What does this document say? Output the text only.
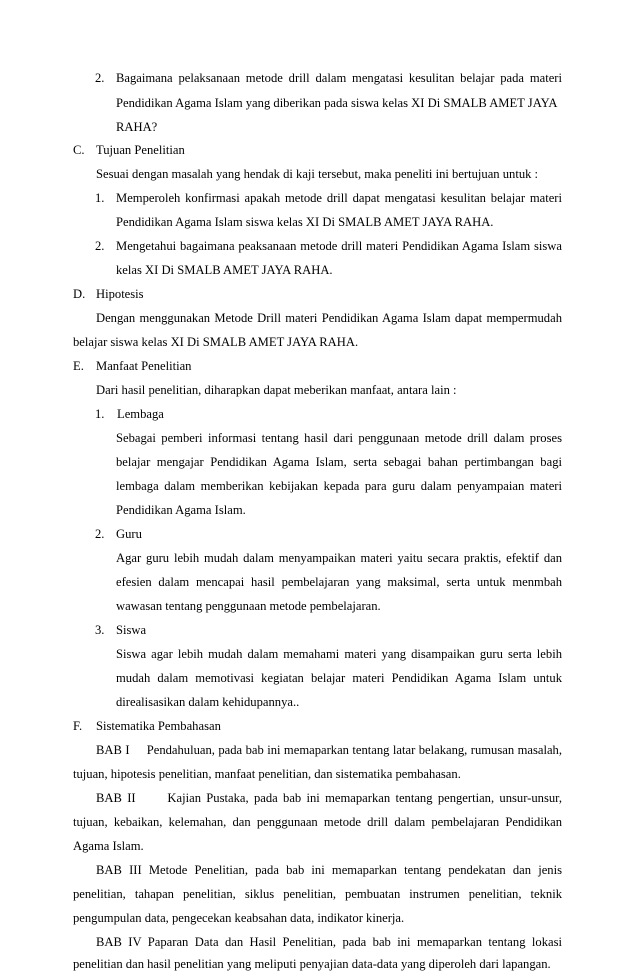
2. Bagaimana pelaksanaan metode drill dalam mengatasi kesulitan belajar pada materi
Pendidikan Agama Islam yang diberikan pada siswa kelas XI Di SMALB AMET JAYA
RAHA?
C. Tujuan Penelitian
Sesuai dengan masalah yang hendak di kaji tersebut, maka peneliti ini bertujuan untuk :
1. Memperoleh konfirmasi apakah metode drill dapat mengatasi kesulitan belajar materi
Pendidikan Agama Islam siswa kelas XI Di SMALB AMET JAYA RAHA.
2. Mengetahui bagaimana peaksanaan metode drill materi Pendidikan Agama Islam siswa
kelas XI Di SMALB AMET JAYA RAHA.
D. Hipotesis
Dengan menggunakan Metode Drill materi Pendidikan Agama Islam dapat mempermudah
belajar siswa kelas XI Di SMALB AMET JAYA RAHA.
E. Manfaat Penelitian
Dari hasil penelitian, diharapkan dapat meberikan manfaat, antara lain :
1. Lembaga
Sebagai pemberi informasi tentang hasil dari penggunaan metode drill dalam proses
belajar mengajar Pendidikan Agama Islam, serta sebagai bahan pertimbangan bagi
lembaga dalam memberikan kebijakan kepada para guru dalam penyampaian materi
Pendidikan Agama Islam.
2. Guru
Agar guru lebih mudah dalam menyampaikan materi yaitu secara praktis, efektif dan
efesien dalam mencapai hasil pembelajaran yang maksimal, serta untuk menmbah
wawasan tentang penggunaan metode pembelajaran.
3. Siswa
Siswa agar lebih mudah dalam memahami materi yang disampaikan guru serta lebih
mudah dalam memotivasi kegiatan belajar materi Pendidikan Agama Islam untuk
direalisasikan dalam kehidupannya..
F. Sistematika Pembahasan
BAB I     Pendahuluan, pada bab ini memaparkan tentang latar belakang, rumusan masalah,
tujuan, hipotesis penelitian, manfaat penelitian, dan sistematika pembahasan.
BAB II      Kajian Pustaka, pada bab ini memaparkan tentang pengertian, unsur-unsur,
tujuan, kebaikan, kelemahan, dan penggunaan metode drill dalam pembelajaran Pendidikan
Agama Islam.
BAB III Metode Penelitian, pada bab ini memaparkan tentang pendekatan dan jenis
penelitian, tahapan penelitian, siklus penelitian, pembuatan instrumen penelitian, teknik
pengumpulan data, pengecekan keabsahan data, indikator kinerja.
BAB IV Paparan Data dan Hasil Penelitian, pada bab ini memaparkan tentang lokasi
penelitian dan hasil penelitian yang meliputi penyajian data-data yang diperoleh dari lapangan.
